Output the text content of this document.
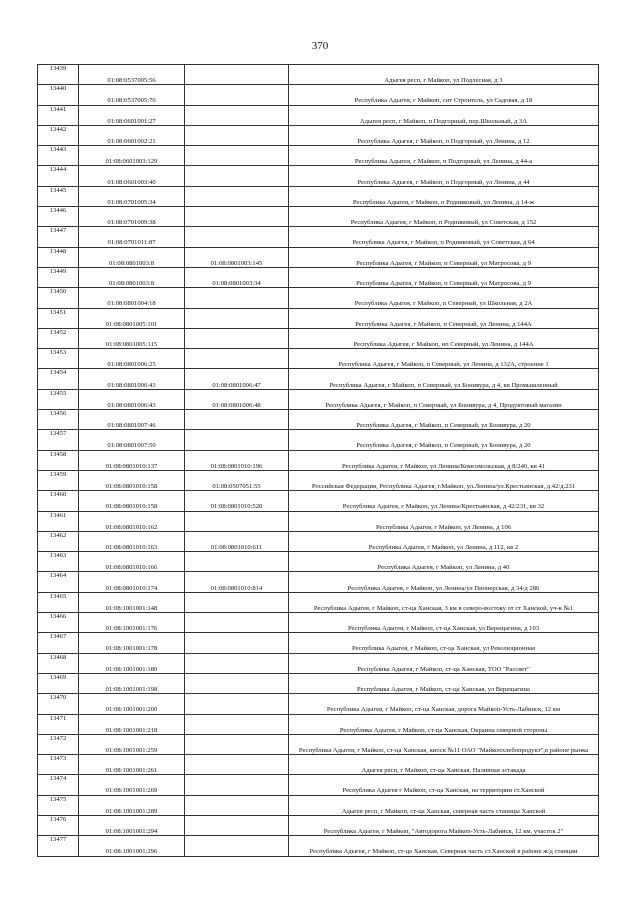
370
13439	01:08:0537005:56		Адыгея респ, г Майкоп, ул Подлесная, д 3
13440	01:08:0537005:76		Республика Адыгея, г Майкоп, снт Строитель, ул Садовая, д 18
13441	01:08:0601001:27		Адыгея респ, г Майкоп, п Подгорный, пер.Школьный, д 3А
13442	01:08:0601002:21		Республика Адыгея, г Майкоп, п Подгорный, ул Ленина, д 12
13443	01:08:0601003:129		Республика Адыгея, г Майкоп, п Подгорный, ул Ленина, д 44-а
13444	01:08:0601003:40		Республика Адыгея, г Майкоп, п Подгорный, ул Ленина, д 44
13445	01:08:0701005:34		Республика Адыгея, г Майкоп, п Родниковый, ул Ленина, д 14-ж
13446	01:08:0701009:38		Республика Адыгея, г Майкоп, п Родниковый, ул Советская, д 152
13447	01:08:0701011:87		Республика Адыгея, г Майкоп, п Родниковый, ул Советская, д 64
13448	01:08:0801003:8	01:08:0801003:145	Республика Адыгея, г Майкоп, п Северный, ул Матросова, д 9
13449	01:08:0801003:8	01:08:0801003:34	Республика Адыгея, г Майкоп, п Северный, ул Матросова, д 9
13450	01:08:0801004:18		Республика Адыгея, г Майкоп, п Северный, ул Школьная, д 2А
13451	01:08:0801005:101		Республика Адыгея, г Майкоп, п Северный, ул Ленина, д 144А
13452	01:08:0801005:115		Республика Адыгея, г Майкоп, нп Северный, ул Ленина, д 144А
13453	01:08:0801006:25		Республика Адыгея, г Майкоп, п Северный, ул Ленина, д 132А, строение 1
13454	01:08:0801006:43	01:08:0801006:47	Республика Адыгея, г Майкоп, п Северный, ул Бонивура, д 4, кв Промышленный
13455	01:08:0801006:43	01:08:0801006:48	Республика Адыгея, г Майкоп, п Северный, ул Бонивура, д 4, Продуктовый магазин
13456	01:08:0801007:46		Республика Адыгея, г Майкоп, п Северный, ул Бонивура, д 20
13457	01:08:0801007:50		Республика Адыгея, г Майкоп, п Северный, ул Бонивура, д 20
13458	01:08:0801010:137	01:08:0801010:196	Республика Адыгея, г Майкоп, ул Ленина/Комсомольская, д 8/240, кв 41
13459	01:08:0801010:158	01:08:0507051:55	Российская Федерация, Республика Адыгея, г.Майкоп, ул.Ленина/ул.Крестьянская, д.42/д.231
13460	01:08:0801010:158	01:08:0801010:520	Республика Адыгея, г Майкоп, ул Ленина/Крестьянская, д 42/231, кв 32
13461	01:08:0801010:162		Республика Адыгея, г Майкоп, ул Ленина, д 106
13462	01:08:0801010:163	01:08:0801010:611	Республика Адыгея, г Майкоп, ул Ленина, д 112, кв 2
13463	01:08:0801010:166		Республика Адыгея, г Майкоп, ул Ленина, д 40
13464	01:08:0801010:174	01:08:0801010:814	Республика Адыгея, г Майкоп, ул Ленина/ул Пионерская, д 34/д 286
13465	01:08:1001001:148		Республика Адыгея, г Майкоп, ст-ца Ханская, 3 км в северо-востоку от ст Ханской, уч-к №1
13466	01:08:1001001:176		Республика Адыгея, г Майкоп, ст-ца Ханская, ул Верещагина, д 103
13467	01:08:1001001:178		Республика Адыгея, г Майкоп, ст-ца Ханская, ул Революционная
13468	01:08:1001001:180		Республика Адыгея, г Майкоп, ст-ца Ханская, ТОО "Рассвет"
13469	01:08:1001001:198		Республика Адыгея, г Майкоп, ст-ца Ханская, ул Верещагина
13470	01:08:1001001:200		Республика Адыгея, г Майкоп, ст-ца Ханская, дорога Майкоп-Усть-Лабинск, 12 км
13471	01:08:1001001:218		Республика Адыгея, г Майкоп, ст-ца Ханская, Окраина северной стороны
13472	01:08:1001001:259		Республика Адыгея, г Майкоп, ст-ца Ханская, киоск №11 ОАО "Майкопхлебопродукт",в районе рынка
13473	01:08:1001001:261		Адыгея респ, г Майкоп, ст-ца Ханская, Наливная эстакада
13474	01:08:1001001:269		Республика Адыгея г Майкоп, ст-ца Ханская, на территории ст.Ханской
13475	01:08:1001001:289		Адыгея респ, г Майкоп, ст-ца Ханская, северная часть станицы Ханской
13476	01:08:1001001:294		Республика Адыгея, г Майкоп, "Автодорога Майкоп-Усть-Лабинск, 12 км, участок 2"
13477	01:08:1001001:296		Республика Адыгея, г Майкоп, ст-ца Ханская, Северная часть ст.Ханской в районе ж/д станции
